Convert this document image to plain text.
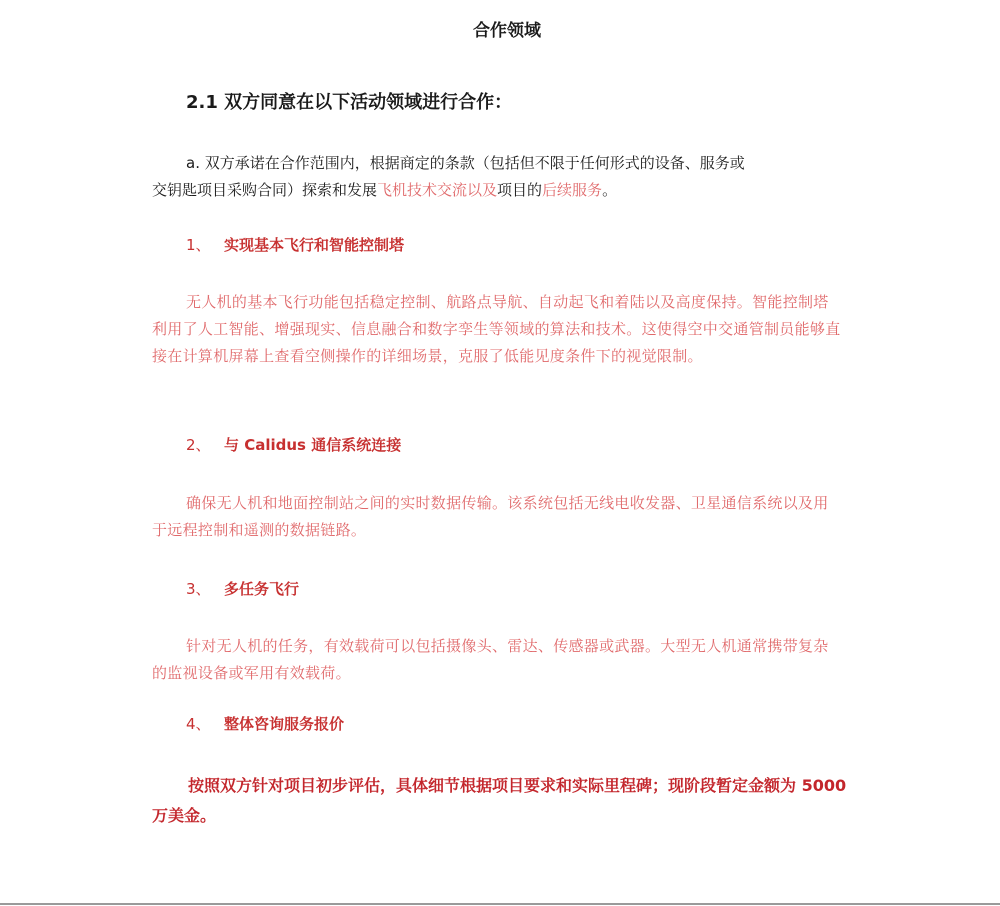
合作领域
2.1 双方同意在以下活动领域进行合作：
a. 双方承诺在合作范围内，根据商定的条款（包括但不限于任何形式的设备、服务或
交钥匙项目采购合同）探索和发展飞机技术交流以及项目的后续服务。
1、 实现基本飞行和智能控制塔
无人机的基本飞行功能包括稳定控制、航路点导航、自动起飞和着陆以及高度保持。智能控制塔利用了人工智能、增强现实、信息融合和数字孪生等领域的算法和技术。这使得空中交通管制员能够直接在计算机屏幕上查看空侧操作的详细场景，克服了低能见度条件下的视觉限制。
2、 与 Calidus 通信系统连接
确保无人机和地面控制站之间的实时数据传输。该系统包括无线电收发器、卫星通信系统以及用于远程控制和遥测的数据链路。
3、 多任务飞行
针对无人机的任务，有效载荷可以包括摄像头、雷达、传感器或武器。大型无人机通常携带复杂的监视设备或军用有效载荷。
4、 整体咨询服务报价
按照双方针对项目初步评估，具体细节根据项目要求和实际里程碑；现阶段暂定金额为 5000 万美金。
